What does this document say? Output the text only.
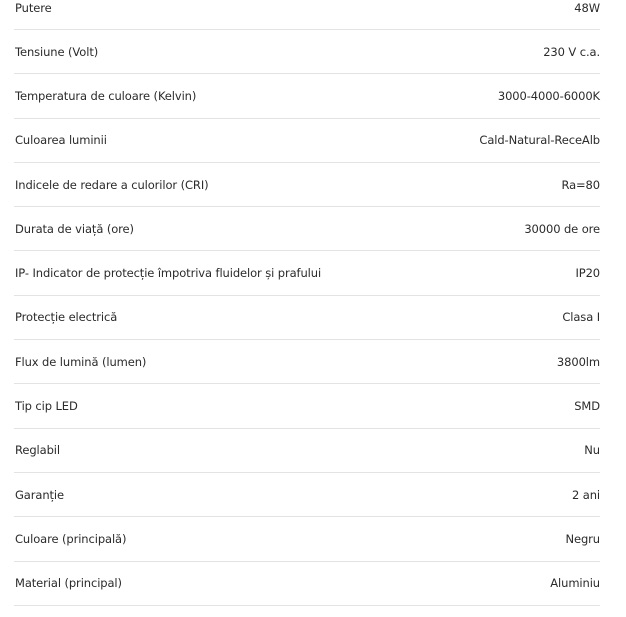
Putere	48W
Tensiune (Volt)	230 V c.a.
Temperatura de culoare (Kelvin)	3000-4000-6000K
Culoarea luminii	Cald-Natural-ReceAlb
Indicele de redare a culorilor (CRI)	Ra=80
Durata de viață (ore)	30000 de ore
IP- Indicator de protecție împotriva fluidelor și prafului	IP20
Protecție electrică	Clasa I
Flux de lumină (lumen)	3800lm
Tip cip LED	SMD
Reglabil	Nu
Garanție	2 ani
Culoare (principală)	Negru
Material (principal)	Aluminiu
